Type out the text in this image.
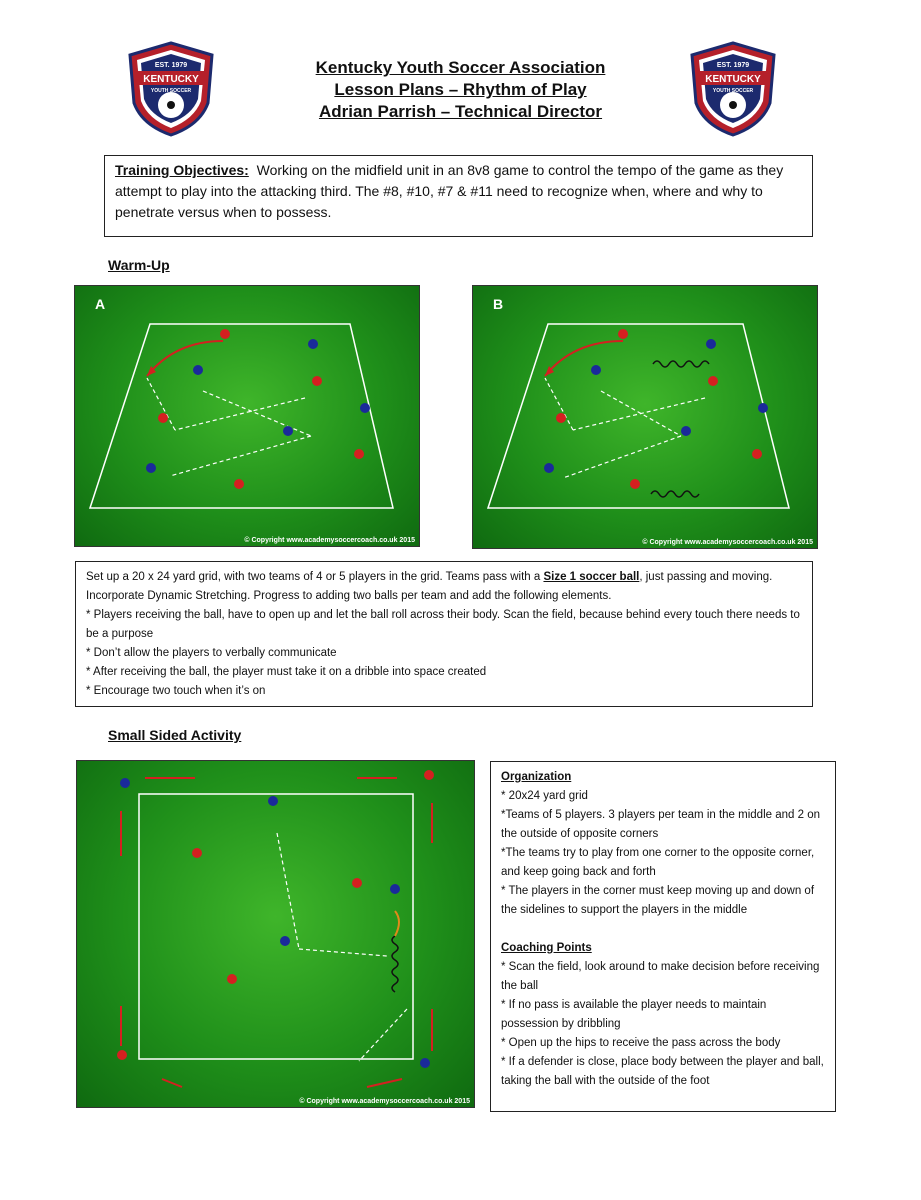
EST. 1979
KENTUCKY
YOUTH SOCCER
EST. 1979
KENTUCKY
YOUTH SOCCER
Kentucky Youth Soccer Association
Lesson Plans – Rhythm of Play
Adrian Parrish – Technical Director
Training Objectives: Working on the midfield unit in an 8v8 game to control the tempo of the game as they attempt to play into the attacking third. The #8, #10, #7 & #11 need to recognize when, where and why to penetrate versus when to possess.
Warm-Up
A
© Copyright www.academysoccercoach.co.uk 2015
B
© Copyright www.academysoccercoach.co.uk 2015

Set up a 20 x 24 yard grid, with two teams of 4 or 5 players in the grid. Teams pass with a Size 1 soccer ball, just passing and moving. Incorporate Dynamic Stretching. Progress to adding two balls per team and add the following elements.

* Players receiving the ball, have to open up and let the ball roll across their body. Scan the field, because behind every touch there needs to be a purpose

* Don’t allow the players to verbally communicate

* After receiving the ball, the player must take it on a dribble into space created

* Encourage two touch when it’s on

Small Sided Activity
© Copyright www.academysoccercoach.co.uk 2015

Organization

* 20x24 yard grid

*Teams of 5 players. 3 players per team in the middle and 2 on the outside of opposite corners

*The teams try to play from one corner to the opposite corner, and keep going back and forth

* The players in the corner must keep moving up and down of the sidelines to support the players in the middle

Coaching Points

* Scan the field, look around to make decision before receiving the ball

* If no pass is available the player needs to maintain possession by dribbling

* Open up the hips to receive the pass across the body

* If a defender is close, place body between the player and ball, taking the ball with the outside of the foot
